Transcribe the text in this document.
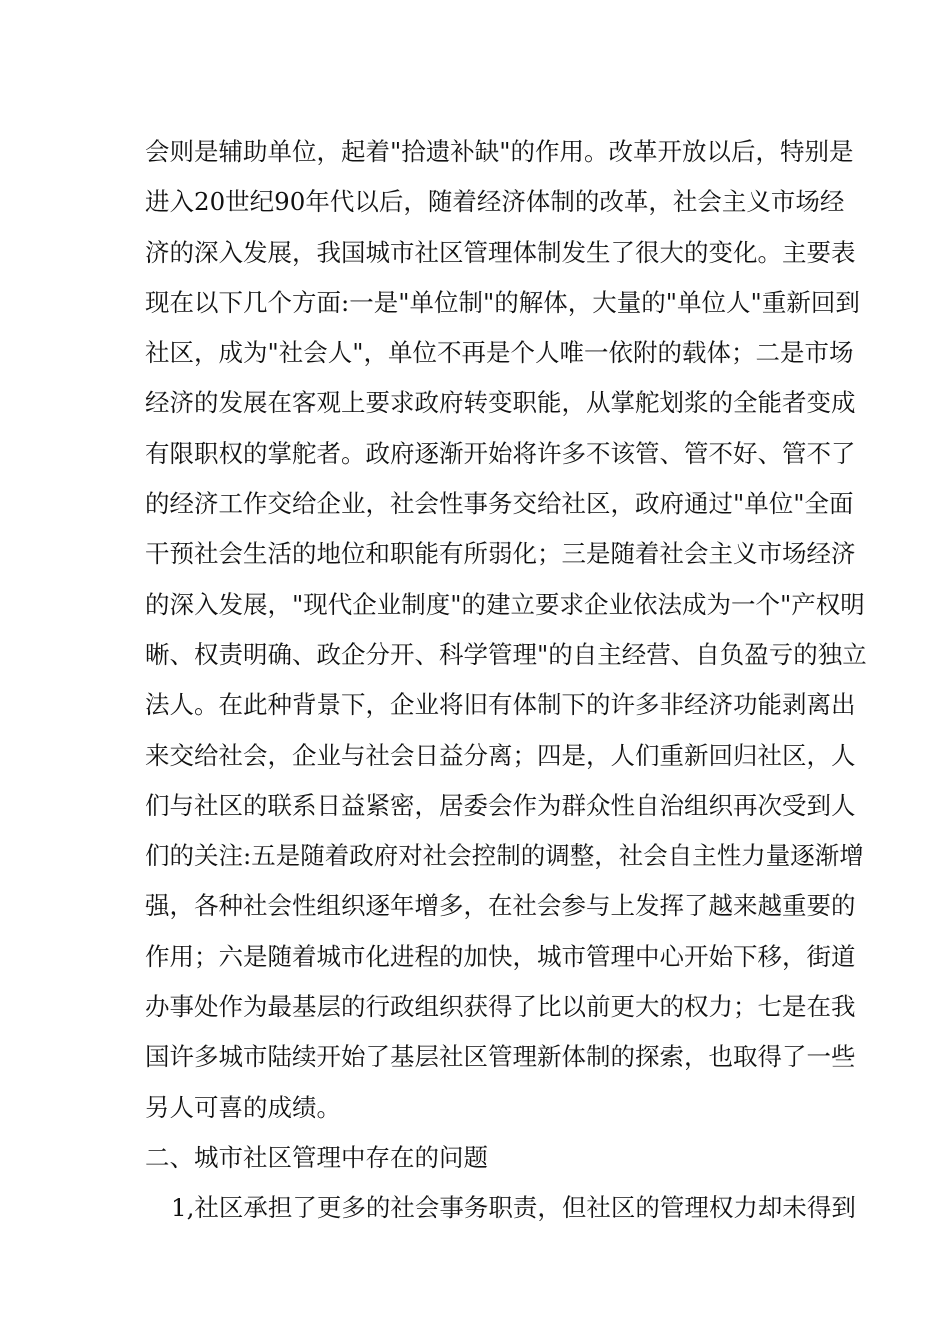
会则是辅助单位，起着"拾遗补缺"的作用。改革开放以后，特别是
进入20世纪90年代以后，随着经济体制的改革，社会主义市场经
济的深入发展，我国城市社区管理体制发生了很大的变化。主要表
现在以下几个方面:一是"单位制"的解体，大量的"单位人"重新回到
社区，成为"社会人"，单位不再是个人唯一依附的载体；二是市场
经济的发展在客观上要求政府转变职能，从掌舵划浆的全能者变成
有限职权的掌舵者。政府逐渐开始将许多不该管、管不好、管不了
的经济工作交给企业，社会性事务交给社区，政府通过"单位"全面
干预社会生活的地位和职能有所弱化；三是随着社会主义市场经济
的深入发展，"现代企业制度"的建立要求企业依法成为一个"产权明
晰、权责明确、政企分开、科学管理"的自主经营、自负盈亏的独立
法人。在此种背景下，企业将旧有体制下的许多非经济功能剥离出
来交给社会，企业与社会日益分离；四是，人们重新回归社区，人
们与社区的联系日益紧密，居委会作为群众性自治组织再次受到人
们的关注:五是随着政府对社会控制的调整，社会自主性力量逐渐增
强，各种社会性组织逐年增多，在社会参与上发挥了越来越重要的
作用；六是随着城市化进程的加快，城市管理中心开始下移，街道
办事处作为最基层的行政组织获得了比以前更大的权力；七是在我
国许多城市陆续开始了基层社区管理新体制的探索，也取得了一些
另人可喜的成绩。
二、城市社区管理中存在的问题
1,社区承担了更多的社会事务职责，但社区的管理权力却未得到
